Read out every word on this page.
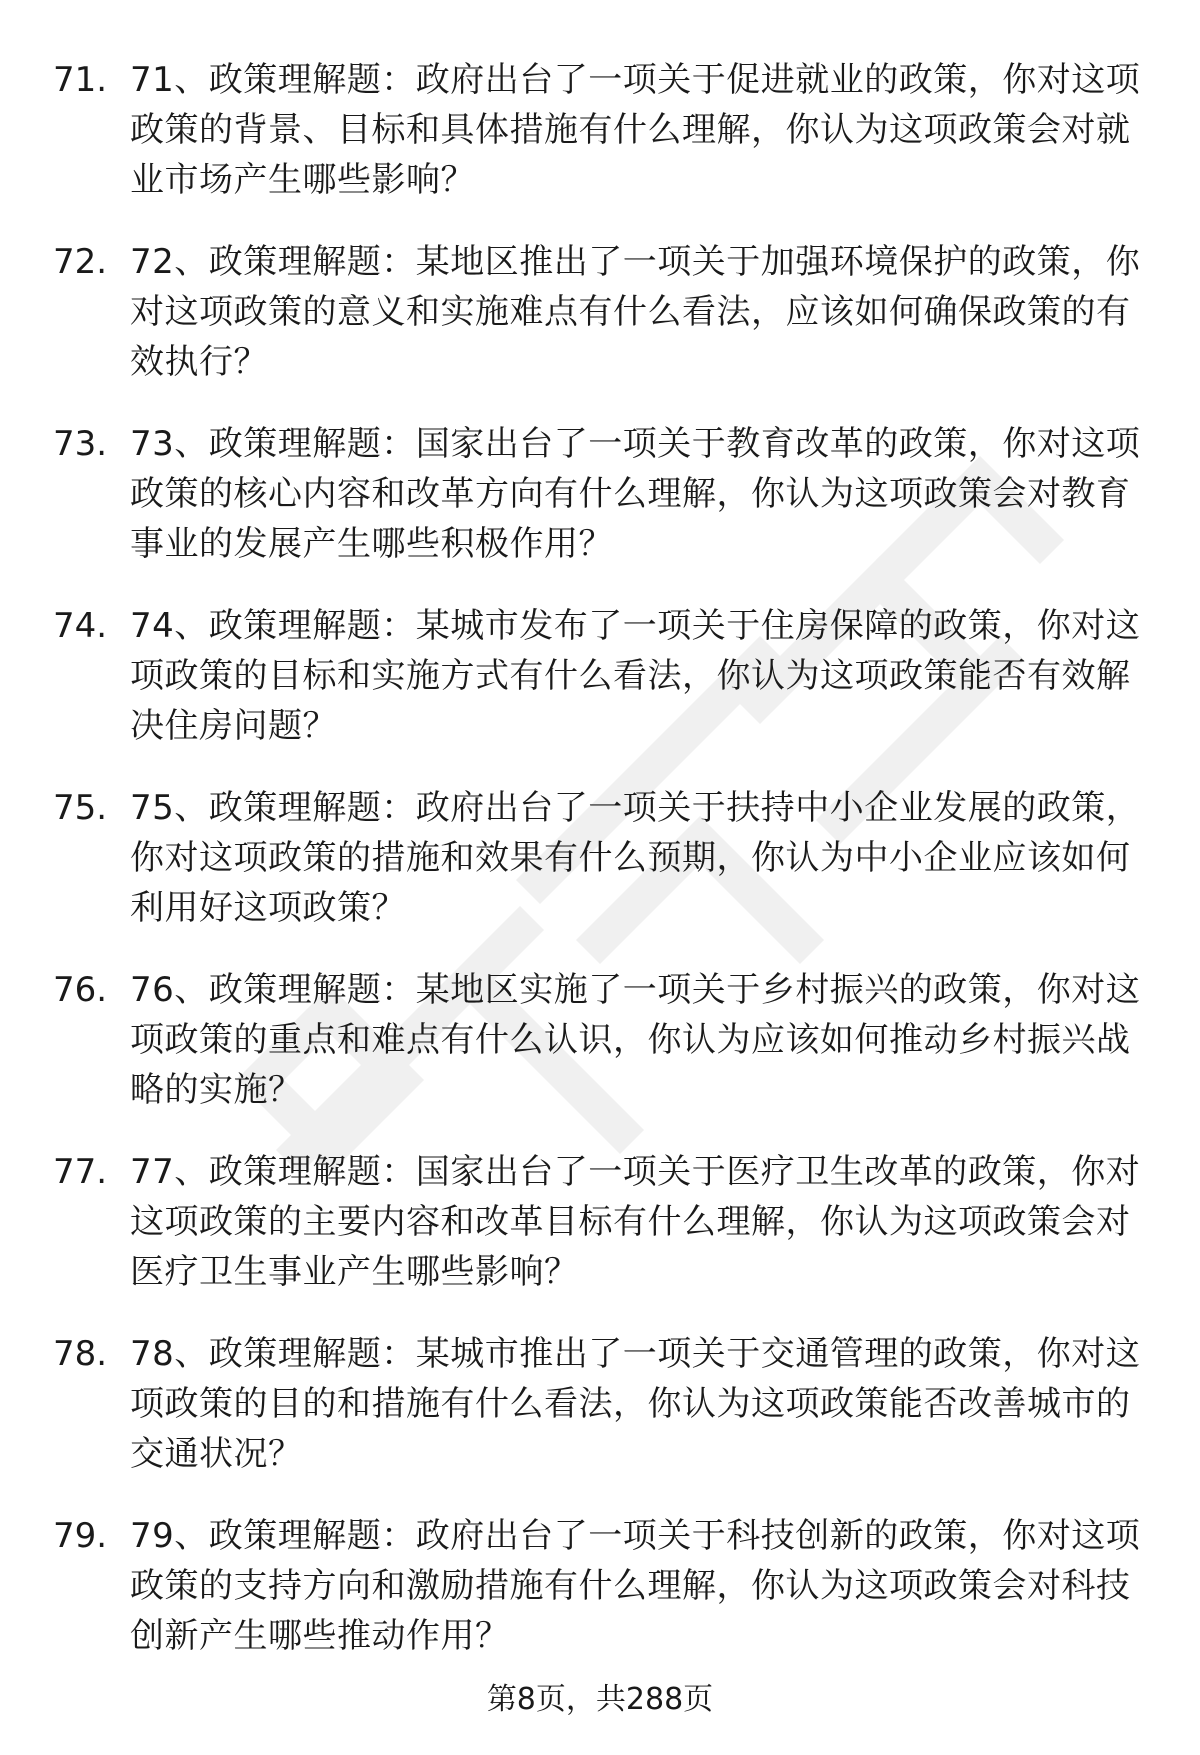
71. 71、政策理解题：政府出台了一项关于促进就业的政策，你对这项政策的背景、目标和具体措施有什么理解，你认为这项政策会对就业市场产生哪些影响？
72. 72、政策理解题：某地区推出了一项关于加强环境保护的政策，你对这项政策的意义和实施难点有什么看法，应该如何确保政策的有效执行？
73. 73、政策理解题：国家出台了一项关于教育改革的政策，你对这项政策的核心内容和改革方向有什么理解，你认为这项政策会对教育事业的发展产生哪些积极作用？
74. 74、政策理解题：某城市发布了一项关于住房保障的政策，你对这项政策的目标和实施方式有什么看法，你认为这项政策能否有效解决住房问题？
75. 75、政策理解题：政府出台了一项关于扶持中小企业发展的政策，你对这项政策的措施和效果有什么预期，你认为中小企业应该如何利用好这项政策？
76. 76、政策理解题：某地区实施了一项关于乡村振兴的政策，你对这项政策的重点和难点有什么认识，你认为应该如何推动乡村振兴战略的实施？
77. 77、政策理解题：国家出台了一项关于医疗卫生改革的政策，你对这项政策的主要内容和改革目标有什么理解，你认为这项政策会对医疗卫生事业产生哪些影响？
78. 78、政策理解题：某城市推出了一项关于交通管理的政策，你对这项政策的目的和措施有什么看法，你认为这项政策能否改善城市的交通状况？
79. 79、政策理解题：政府出台了一项关于科技创新的政策，你对这项政策的支持方向和激励措施有什么理解，你认为这项政策会对科技创新产生哪些推动作用？
第8页，共288页
